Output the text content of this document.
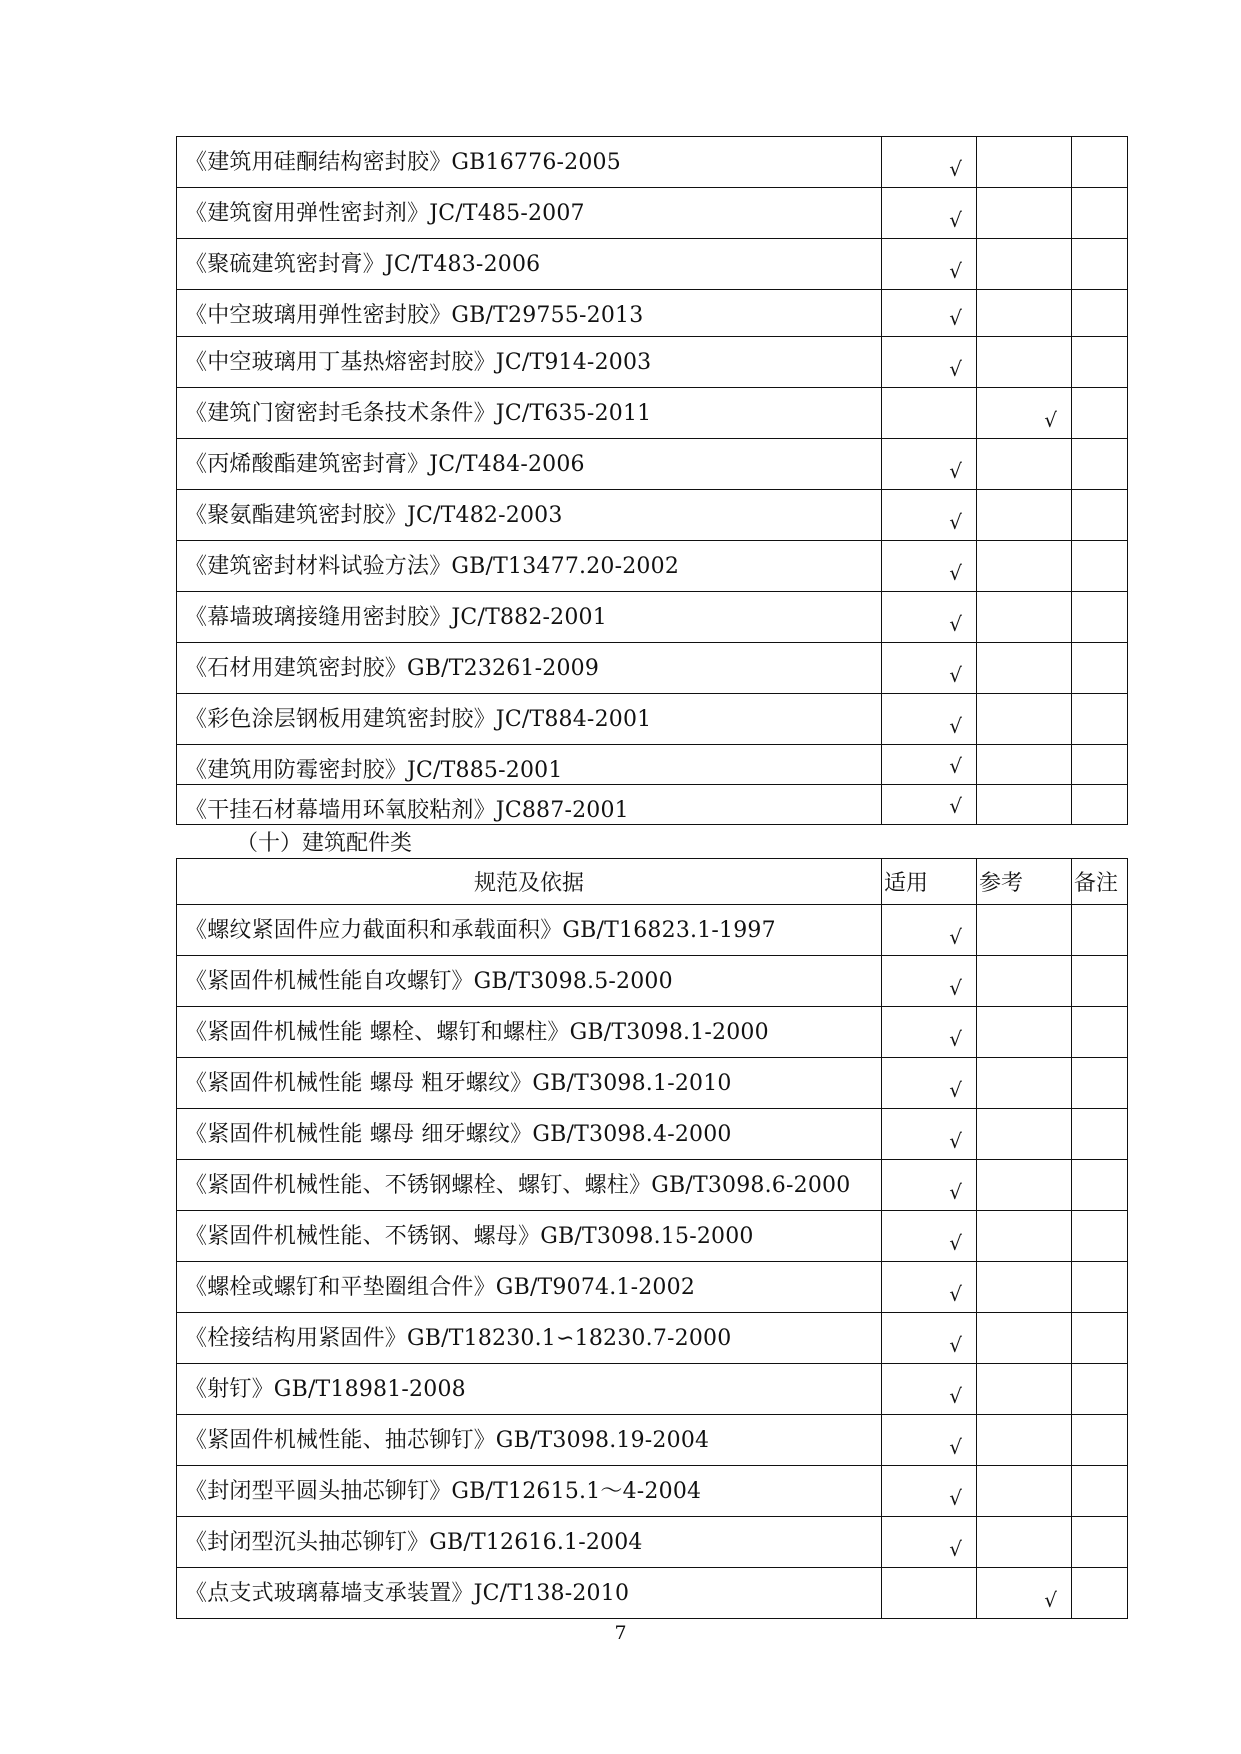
《建筑用硅酮结构密封胶》GB16776-2005	√		

《建筑窗用弹性密封剂》JC/T485-2007	√		

《聚硫建筑密封膏》JC/T483-2006	√		

《中空玻璃用弹性密封胶》GB/T29755-2013	√		

《中空玻璃用丁基热熔密封胶》JC/T914-2003	√		

《建筑门窗密封毛条技术条件》JC/T635-2011		√	

《丙烯酸酯建筑密封膏》JC/T484-2006	√		

《聚氨酯建筑密封胶》JC/T482-2003	√		

《建筑密封材料试验方法》GB/T13477.20-2002	√		

《幕墙玻璃接缝用密封胶》JC/T882-2001	√		

《石材用建筑密封胶》GB/T23261-2009	√		

《彩色涂层钢板用建筑密封胶》JC/T884-2001	√		

《建筑用防霉密封胶》JC/T885-2001	√		

《干挂石材幕墙用环氧胶粘剂》JC887-2001	√		

（十）建筑配件类
规范及依据	适用	参考	备注
《螺纹紧固件应力截面积和承载面积》GB/T16823.1-1997	√		

《紧固件机械性能自攻螺钉》GB/T3098.5-2000	√		

《紧固件机械性能 螺栓、螺钉和螺柱》GB/T3098.1-2000	√		

《紧固件机械性能 螺母 粗牙螺纹》GB/T3098.1-2010	√		

《紧固件机械性能 螺母 细牙螺纹》GB/T3098.4-2000	√		

《紧固件机械性能、不锈钢螺栓、螺钉、螺柱》GB/T3098.6-2000	√		

《紧固件机械性能、不锈钢、螺母》GB/T3098.15-2000	√		

《螺栓或螺钉和平垫圈组合件》GB/T9074.1-2002	√		

《栓接结构用紧固件》GB/T18230.1∽18230.7-2000	√		

《射钉》GB/T18981-2008	√		

《紧固件机械性能、抽芯铆钉》GB/T3098.19-2004	√		

《封闭型平圆头抽芯铆钉》GB/T12615.1～4-2004	√		

《封闭型沉头抽芯铆钉》GB/T12616.1-2004	√		

《点支式玻璃幕墙支承装置》JC/T138-2010		√	

7
